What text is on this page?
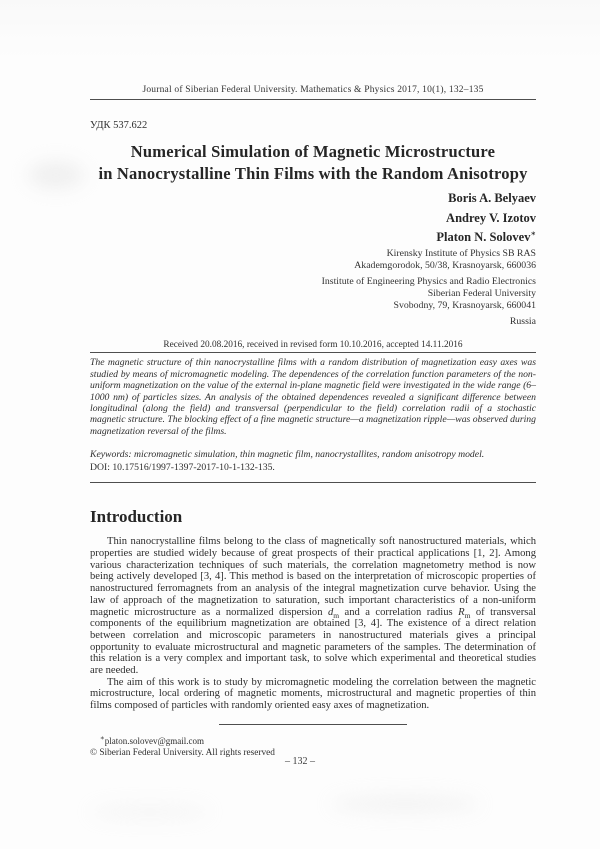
Journal of Siberian Federal University. Mathematics & Physics 2017, 10(1), 132–135
УДК 537.622
Numerical Simulation of Magnetic Microstructure
in Nanocrystalline Thin Films with the Random Anisotropy
Boris A. Belyaev
Andrey V. Izotov
Platon N. Solovev∗
Kirensky Institute of Physics SB RAS
Akademgorodok, 50/38, Krasnoyarsk, 660036
Institute of Engineering Physics and Radio Electronics
Siberian Federal University
Svobodny, 79, Krasnoyarsk, 660041
Russia
Received 20.08.2016, received in revised form 10.10.2016, accepted 14.11.2016
The magnetic structure of thin nanocrystalline films with a random distribution of magnetization easy axes was studied by means of micromagnetic modeling. The dependences of the correlation function parameters of the non-uniform magnetization on the value of the external in-plane magnetic field were investigated in the wide range (6–1000 nm) of particles sizes. An analysis of the obtained dependences revealed a significant difference between longitudinal (along the field) and transversal (perpendicular to the field) correlation radii of a stochastic magnetic structure. The blocking effect of a fine magnetic structure—a magnetization ripple—was observed during magnetization reversal of the films.
Keywords: micromagnetic simulation, thin magnetic film, nanocrystallites, random anisotropy model.
DOI: 10.17516/1997-1397-2017-10-1-132-135.
Introduction

Thin nanocrystalline films belong to the class of magnetically soft nanostructured materials, which properties are studied widely because of great prospects of their practical applications [1, 2]. Among various characterization techniques of such materials, the correlation magnetometry method is now being actively developed [3, 4]. This method is based on the interpretation of microscopic properties of nanostructured ferromagnets from an analysis of the integral magnetization curve behavior. Using the law of approach of the magnetization to saturation, such important characteristics of a non-uniform magnetic microstructure as a normalized dispersion $d_m$ and a correlation radius $R_m$ of transversal components of the equilibrium magnetization are obtained [3, 4]. The existence of a direct relation between correlation and microscopic parameters in nanostructured materials gives a principal opportunity to evaluate microstructural and magnetic parameters of the samples. The determination of this relation is a very complex and important task, to solve which experimental and theoretical studies are needed.

The aim of this work is to study by micromagnetic modeling the correlation between the magnetic microstructure, local ordering of magnetic moments, microstructural and magnetic properties of thin films composed of particles with randomly oriented easy axes of magnetization.

∗platon.solovev@gmail.com
© Siberian Federal University. All rights reserved
– 132 –
